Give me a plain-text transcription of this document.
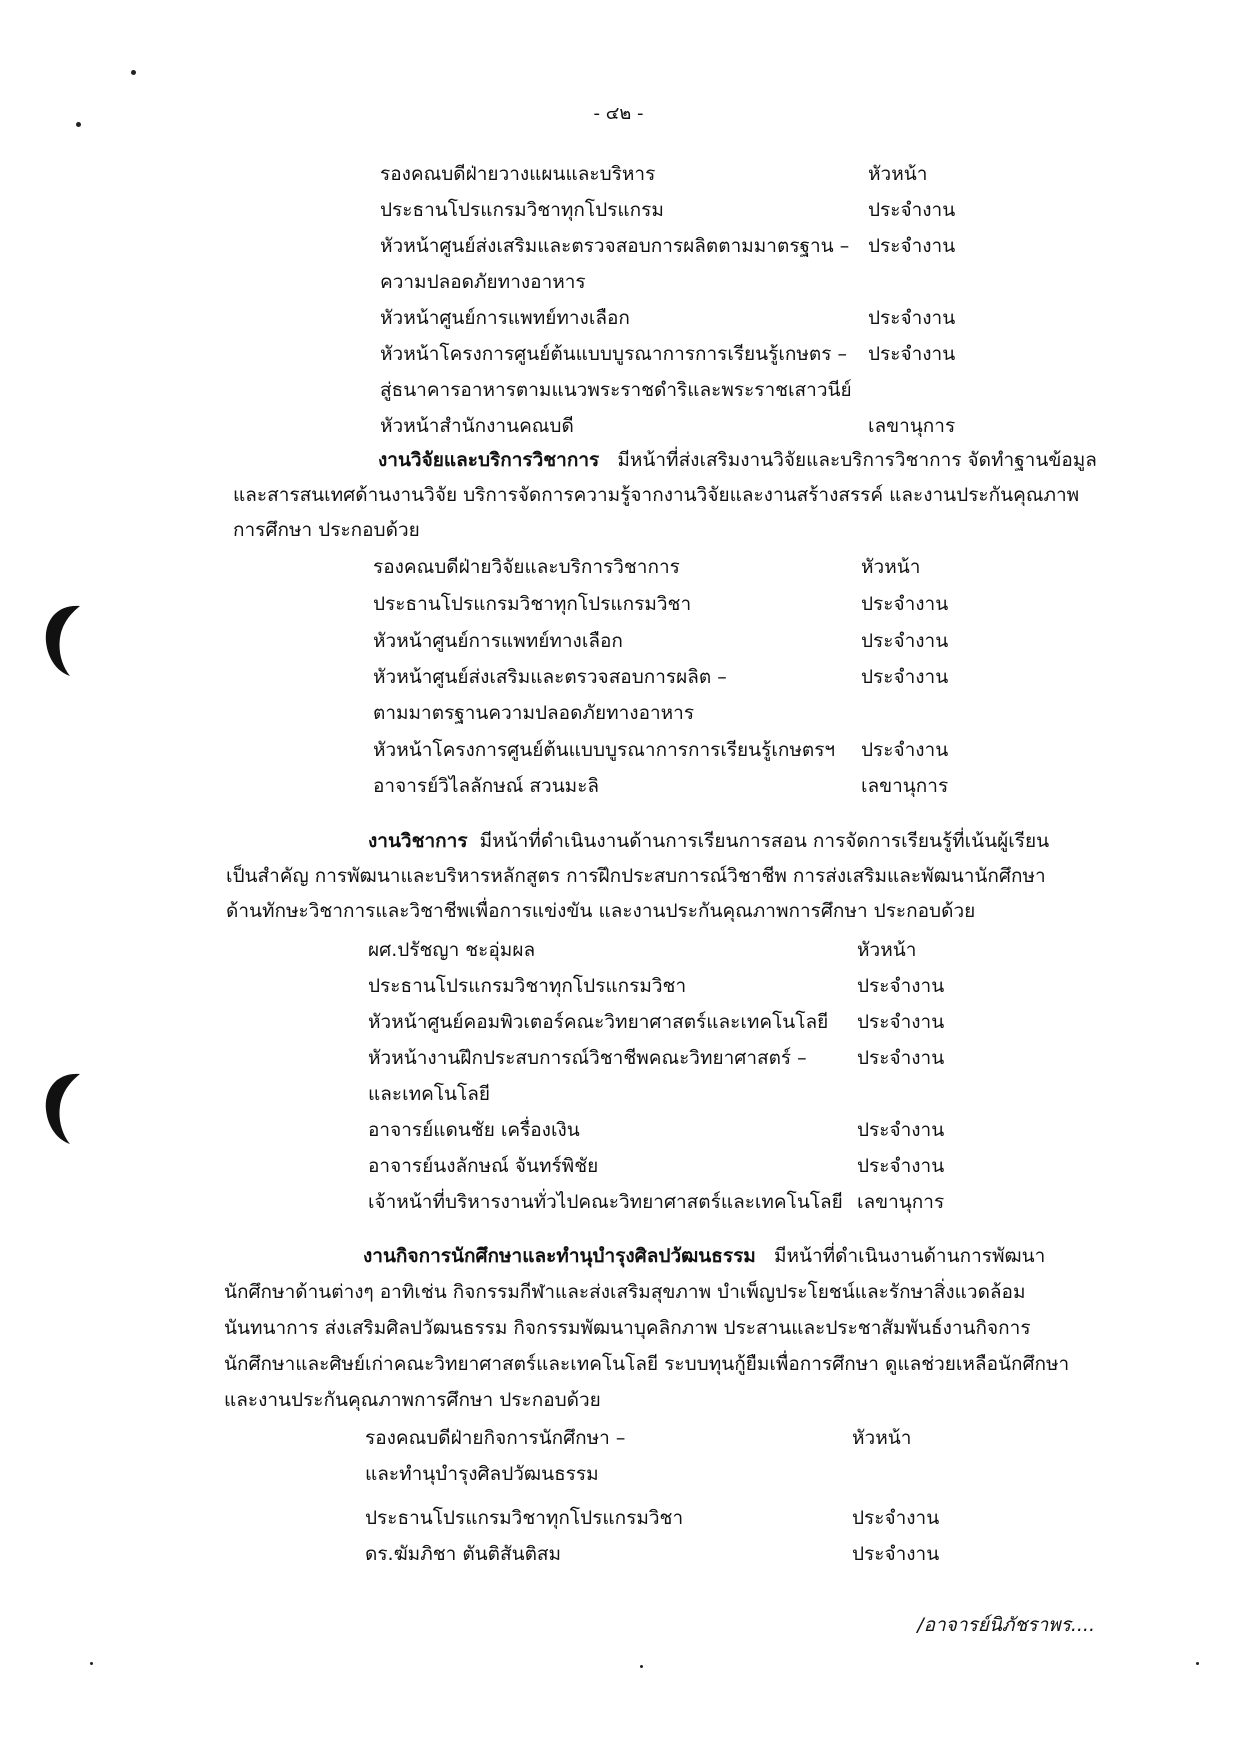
- ๔๒ -
รองคณบดีฝ่ายวางแผนและบริหาร	หัวหน้า
ประธานโปรแกรมวิชาทุกโปรแกรม	ประจำงาน
หัวหน้าศูนย์ส่งเสริมและตรวจสอบการผลิตตามมาตรฐาน – ประจำงาน
ความปลอดภัยทางอาหาร
หัวหน้าศูนย์การแพทย์ทางเลือก	ประจำงาน
หัวหน้าโครงการศูนย์ต้นแบบบูรณาการการเรียนรู้เกษตร – ประจำงาน
สู่ธนาคารอาหารตามแนวพระราชดำริและพระราชเสาวนีย์
หัวหน้าสำนักงานคณบดี	เลขานุการ
งานวิจัยและบริการวิชาการ มีหน้าที่ส่งเสริมงานวิจัยและบริการวิชาการ จัดทำฐานข้อมูล
และสารสนเทศด้านงานวิจัย บริการจัดการความรู้จากงานวิจัยและงานสร้างสรรค์ และงานประกันคุณภาพ
การศึกษา ประกอบด้วย
รองคณบดีฝ่ายวิจัยและบริการวิชาการ	หัวหน้า
ประธานโปรแกรมวิชาทุกโปรแกรมวิชา	ประจำงาน
หัวหน้าศูนย์การแพทย์ทางเลือก	ประจำงาน
หัวหน้าศูนย์ส่งเสริมและตรวจสอบการผลิต –	ประจำงาน
ตามมาตรฐานความปลอดภัยทางอาหาร
หัวหน้าโครงการศูนย์ต้นแบบบูรณาการการเรียนรู้เกษตรฯ ประจำงาน
อาจารย์วิไลลักษณ์ สวนมะลิ	เลขานุการ
งานวิชาการ มีหน้าที่ดำเนินงานด้านการเรียนการสอน การจัดการเรียนรู้ที่เน้นผู้เรียน
เป็นสำคัญ การพัฒนาและบริหารหลักสูตร การฝึกประสบการณ์วิชาชีพ การส่งเสริมและพัฒนานักศึกษา
ด้านทักษะวิชาการและวิชาชีพเพื่อการแข่งขัน และงานประกันคุณภาพการศึกษา ประกอบด้วย
ผศ.ปรัชญา ชะอุ่มผล	หัวหน้า
ประธานโปรแกรมวิชาทุกโปรแกรมวิชา	ประจำงาน
หัวหน้าศูนย์คอมพิวเตอร์คณะวิทยาศาสตร์และเทคโนโลยี ประจำงาน
หัวหน้างานฝึกประสบการณ์วิชาชีพคณะวิทยาศาสตร์ –	ประจำงาน
และเทคโนโลยี
อาจารย์แดนชัย เครื่องเงิน	ประจำงาน
อาจารย์นงลักษณ์ จันทร์พิชัย	ประจำงาน
เจ้าหน้าที่บริหารงานทั่วไปคณะวิทยาศาสตร์และเทคโนโลยี เลขานุการ
งานกิจการนักศึกษาและทำนุบำรุงศิลปวัฒนธรรม มีหน้าที่ดำเนินงานด้านการพัฒนา
นักศึกษาด้านต่างๆ อาทิเช่น กิจกรรมกีฬาและส่งเสริมสุขภาพ บำเพ็ญประโยชน์และรักษาสิ่งแวดล้อม
นันทนาการ ส่งเสริมศิลปวัฒนธรรม กิจกรรมพัฒนาบุคลิกภาพ ประสานและประชาสัมพันธ์งานกิจการ
นักศึกษาและศิษย์เก่าคณะวิทยาศาสตร์และเทคโนโลยี ระบบทุนกู้ยืมเพื่อการศึกษา ดูแลช่วยเหลือนักศึกษา
และงานประกันคุณภาพการศึกษา ประกอบด้วย
รองคณบดีฝ่ายกิจการนักศึกษา –	หัวหน้า
และทำนุบำรุงศิลปวัฒนธรรม
ประธานโปรแกรมวิชาทุกโปรแกรมวิชา	ประจำงาน
ดร.ฆัมภิชา ตันติสันติสม	ประจำงาน
/อาจารย์นิภัชราพร....
